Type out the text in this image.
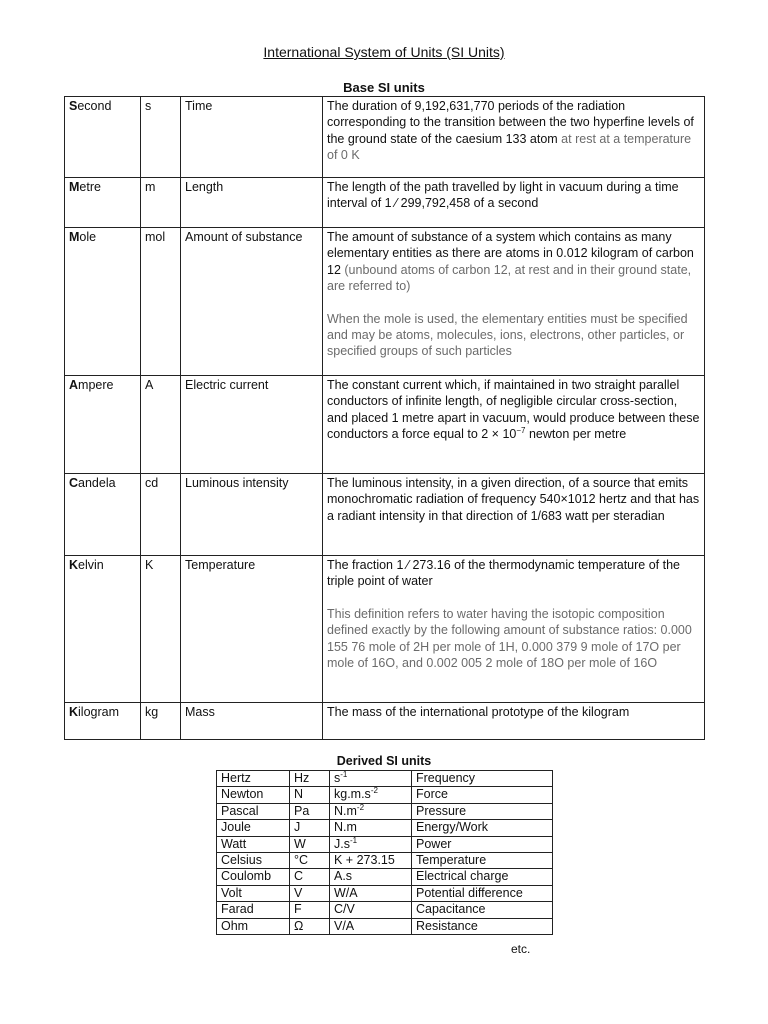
International System of Units (SI Units)
Base SI units
Second	s	Time	The duration of 9,192,631,770 periods of the radiation corresponding to the transition between the two hyperfine levels of the ground state of the caesium 133 atom at rest at a temperature of 0 K
Metre	m	Length	The length of the path travelled by light in vacuum during a time interval of 1 ⁄ 299,792,458 of a second
Mole	mol	Amount of substance	The amount of substance of a system which contains as many elementary entities as there are atoms in 0.012 kilogram of carbon 12 (unbound atoms of carbon 12, at rest and in their ground state, are referred to)
When the mole is used, the elementary entities must be specified and may be atoms, molecules, ions, electrons, other particles, or specified groups of such particles

Ampere	A	Electric current	The constant current which, if maintained in two straight parallel conductors of infinite length, of negligible circular cross-section, and placed 1 metre apart in vacuum, would produce between these conductors a force equal to $2 \times 10^{-7}$ newton per metre
Candela	cd	Luminous intensity	The luminous intensity, in a given direction, of a source that emits monochromatic radiation of frequency 540×1012 hertz and that has a radiant intensity in that direction of 1/683 watt per steradian
Kelvin	K	Temperature	The fraction 1 ⁄ 273.16 of the thermodynamic temperature of the triple point of water
This definition refers to water having the isotopic composition defined exactly by the following amount of substance ratios: 0.000 155 76 mole of 2H per mole of 1H, 0.000 379 9 mole of 17O per mole of 16O, and 0.002 005 2 mole of 18O per mole of 16O

Kilogram	kg	Mass	The mass of the international prototype of the kilogram
Derived SI units
Hertz	Hz	$s^{-1}$	Frequency
Newton	N	$kg.m.s^{-2}$	Force
Pascal	Pa	$N.m^{-2}$	Pressure
Joule	J	N.m	Energy/Work
Watt	W	$J.s^{-1}$	Power
Celsius	°C	K + 273.15	Temperature
Coulomb	C	A.s	Electrical charge
Volt	V	W/A	Potential difference
Farad	F	C/V	Capacitance
Ohm	Ω	V/A	Resistance
etc.
